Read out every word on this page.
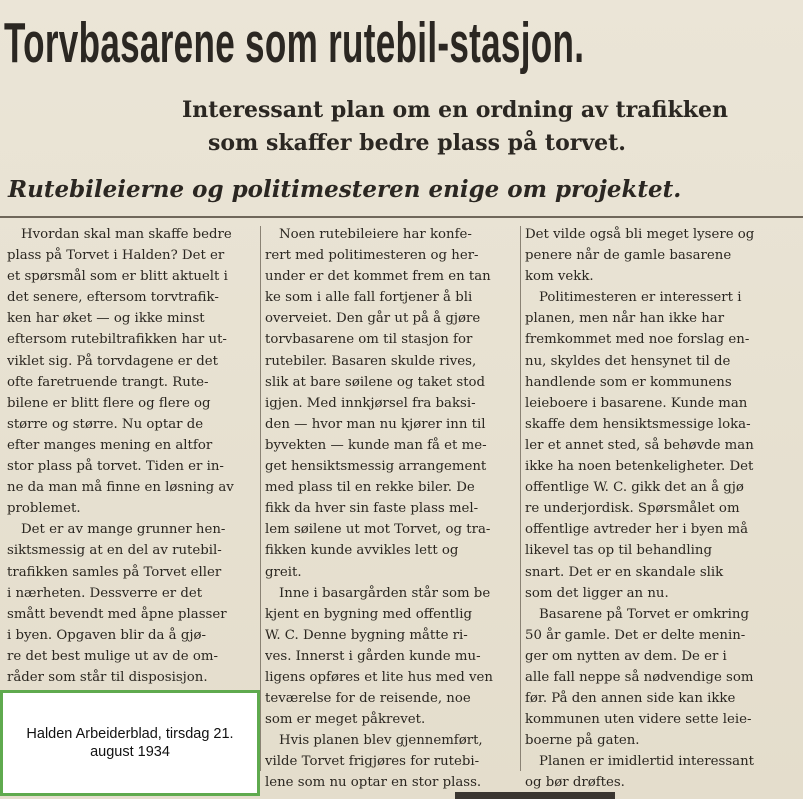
Torvbasarene som rutebil-stasjon.
Interessant plan om en ordning av trafikken
som skaffer bedre plass på torvet.
Rutebileierne og politimesteren enige om projektet.

Hvordan skal man skaffe bedre

plass på Torvet i Halden? Det er

et spørsmål som er blitt aktuelt i

det senere, eftersom torvtrafik-

ken har øket — og ikke minst

eftersom rutebiltrafikken har ut-

viklet sig. På torvdagene er det

ofte faretruende trangt. Rute-

bilene er blitt flere og flere og

større og større. Nu optar de

efter manges mening en altfor

stor plass på torvet. Tiden er in-

ne da man må finne en løsning av

problemet.

Det er av mange grunner hen-

siktsmessig at en del av rutebil-

trafikken samles på Torvet eller

i nærheten. Dessverre er det

smått bevendt med åpne plasser

i byen. Opgaven blir da å gjø-

re det best mulige ut av de om-

råder som står til disposisjon.

Noen rutebileiere har konfe-

rert med politimesteren og her-

under er det kommet frem en tan

ke som i alle fall fortjener å bli

overveiet. Den går ut på å gjøre

torvbasarene om til stasjon for

rutebiler. Basaren skulde rives,

slik at bare søilene og taket stod

igjen. Med innkjørsel fra baksi-

den — hvor man nu kjører inn til

byvekten — kunde man få et me-

get hensiktsmessig arrangement

med plass til en rekke biler. De

fikk da hver sin faste plass mel-

lem søilene ut mot Torvet, og tra-

fikken kunde avvikles lett og

greit.

Inne i basargården står som be

kjent en bygning med offentlig

W. C. Denne bygning måtte ri-

ves. Innerst i gården kunde mu-

ligens opføres et lite hus med ven

teværelse for de reisende, noe

som er meget påkrevet.

Hvis planen blev gjennemført,

vilde Torvet frigjøres for rutebi-

lene som nu optar en stor plass.

Det vilde også bli meget lysere og

penere når de gamle basarene

kom vekk.

Politimesteren er interessert i

planen, men når han ikke har

fremkommet med noe forslag en-

nu, skyldes det hensynet til de

handlende som er kommunens

leieboere i basarene. Kunde man

skaffe dem hensiktsmessige loka-

ler et annet sted, så behøvde man

ikke ha noen betenkeligheter. Det

offentlige W. C. gikk det an å gjø

re underjordisk. Spørsmålet om

offentlige avtreder her i byen må

likevel tas op til behandling

snart. Det er en skandale slik

som det ligger an nu.

Basarene på Torvet er omkring

50 år gamle. Det er delte menin-

ger om nytten av dem. De er i

alle fall neppe så nødvendige som

før. På den annen side kan ikke

kommunen uten videre sette leie-

boerne på gaten.

Planen er imidlertid interessant

og bør drøftes.

Halden Arbeiderblad, tirsdag 21. august 1934
